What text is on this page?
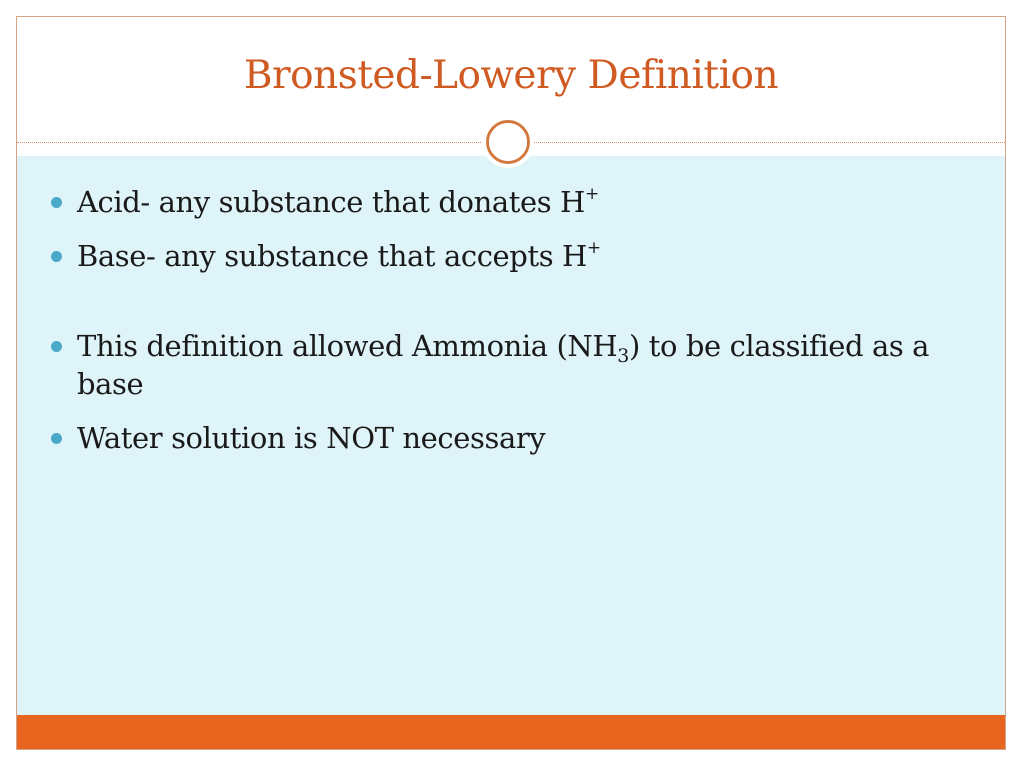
Bronsted-Lowery Definition
Acid- any substance that donates H+
Base- any substance that accepts H+
This definition allowed Ammonia $(NH_3)$ to be classified as a base
Water solution is NOT necessary
